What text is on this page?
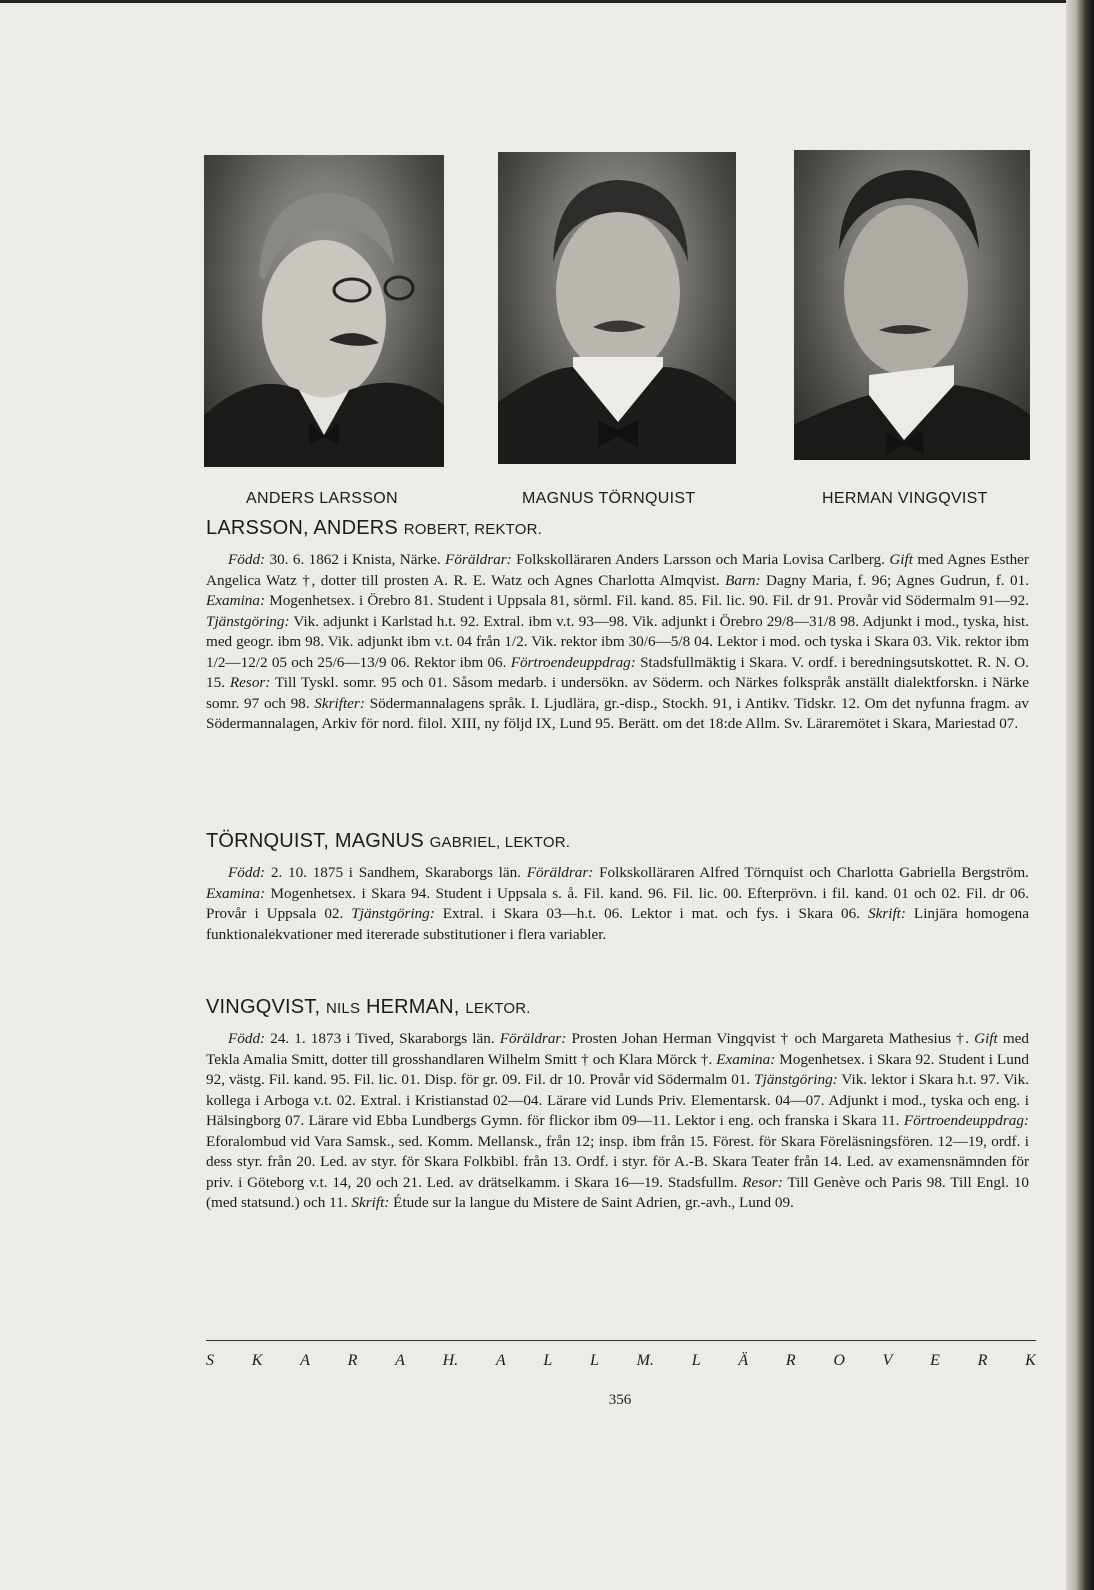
ANDERS LARSSON	MAGNUS TÖRNQUIST	HERMAN VINGQVIST
LARSSON, ANDERS ROBERT, REKTOR.

Född: 30. 6. 1862 i Knista, Närke. Föräldrar: Folkskolläraren Anders Larsson och Maria Lovisa Carlberg. Gift med Agnes Esther Angelica Watz †, dotter till prosten A. R. E. Watz och Agnes Charlotta Almqvist. Barn: Dagny Maria, f. 96; Agnes Gudrun, f. 01. Examina: Mogenhetsex. i Örebro 81. Student i Uppsala 81, sörml. Fil. kand. 85. Fil. lic. 90. Fil. dr 91. Provår vid Södermalm 91—92. Tjänstgöring: Vik. adjunkt i Karlstad h.t. 92. Extral. ibm v.t. 93—98. Vik. adjunkt i Örebro 29/8—31/8 98. Adjunkt i mod., tyska, hist. med geogr. ibm 98. Vik. adjunkt ibm v.t. 04 från 1/2. Vik. rektor ibm 30/6—5/8 04. Lektor i mod. och tyska i Skara 03. Vik. rektor ibm 1/2—12/2 05 och 25/6—13/9 06. Rektor ibm 06. Förtroendeuppdrag: Stadsfullmäktig i Skara. V. ordf. i beredningsutskottet. R. N. O. 15. Resor: Till Tyskl. somr. 95 och 01. Såsom medarb. i undersökn. av Söderm. och Närkes folkspråk anställt dialektforskn. i Närke somr. 97 och 98. Skrifter: Södermannalagens språk. I. Ljudlära, gr.-disp., Stockh. 91, i Antikv. Tidskr. 12. Om det nyfunna fragm. av Södermannalagen, Arkiv för nord. filol. XIII, ny följd IX, Lund 95. Berätt. om det 18:de Allm. Sv. Läraremötet i Skara, Mariestad 07.

TÖRNQUIST, MAGNUS GABRIEL, LEKTOR.

Född: 2. 10. 1875 i Sandhem, Skaraborgs län. Föräldrar: Folkskolläraren Alfred Törnquist och Charlotta Gabriella Bergström. Examina: Mogenhetsex. i Skara 94. Student i Uppsala s. å. Fil. kand. 96. Fil. lic. 00. Efterprövn. i fil. kand. 01 och 02. Fil. dr 06. Provår i Uppsala 02. Tjänstgöring: Extral. i Skara 03—h.t. 06. Lektor i mat. och fys. i Skara 06. Skrift: Linjära homogena funktionalekvationer med itererade substitutioner i flera variabler.

VINGQVIST, NILS HERMAN, LEKTOR.

Född: 24. 1. 1873 i Tived, Skaraborgs län. Föräldrar: Prosten Johan Herman Vingqvist † och Margareta Mathesius †. Gift med Tekla Amalia Smitt, dotter till grosshandlaren Wilhelm Smitt † och Klara Mörck †. Examina: Mogenhetsex. i Skara 92. Student i Lund 92, västg. Fil. kand. 95. Fil. lic. 01. Disp. för gr. 09. Fil. dr 10. Provår vid Södermalm 01. Tjänstgöring: Vik. lektor i Skara h.t. 97. Vik. kollega i Arboga v.t. 02. Extral. i Kristianstad 02—04. Lärare vid Lunds Priv. Elementarsk. 04—07. Adjunkt i mod., tyska och eng. i Hälsingborg 07. Lärare vid Ebba Lundbergs Gymn. för flickor ibm 09—11. Lektor i eng. och franska i Skara 11. Förtroendeuppdrag: Eforalombud vid Vara Samsk., sed. Komm. Mellansk., från 12; insp. ibm från 15. Förest. för Skara Föreläsningsfören. 12—19, ordf. i dess styr. från 20. Led. av styr. för Skara Folkbibl. från 13. Ordf. i styr. för A.-B. Skara Teater från 14. Led. av examensnämnden för priv. i Göteborg v.t. 14, 20 och 21. Led. av drätselkamm. i Skara 16—19. Stadsfullm. Resor: Till Genève och Paris 98. Till Engl. 10 (med statsund.) och 11. Skrift: Étude sur la langue du Mistere de Saint Adrien, gr.-avh., Lund 09.

S K A R A H. A L L M. L Ä R O V E R K
356
